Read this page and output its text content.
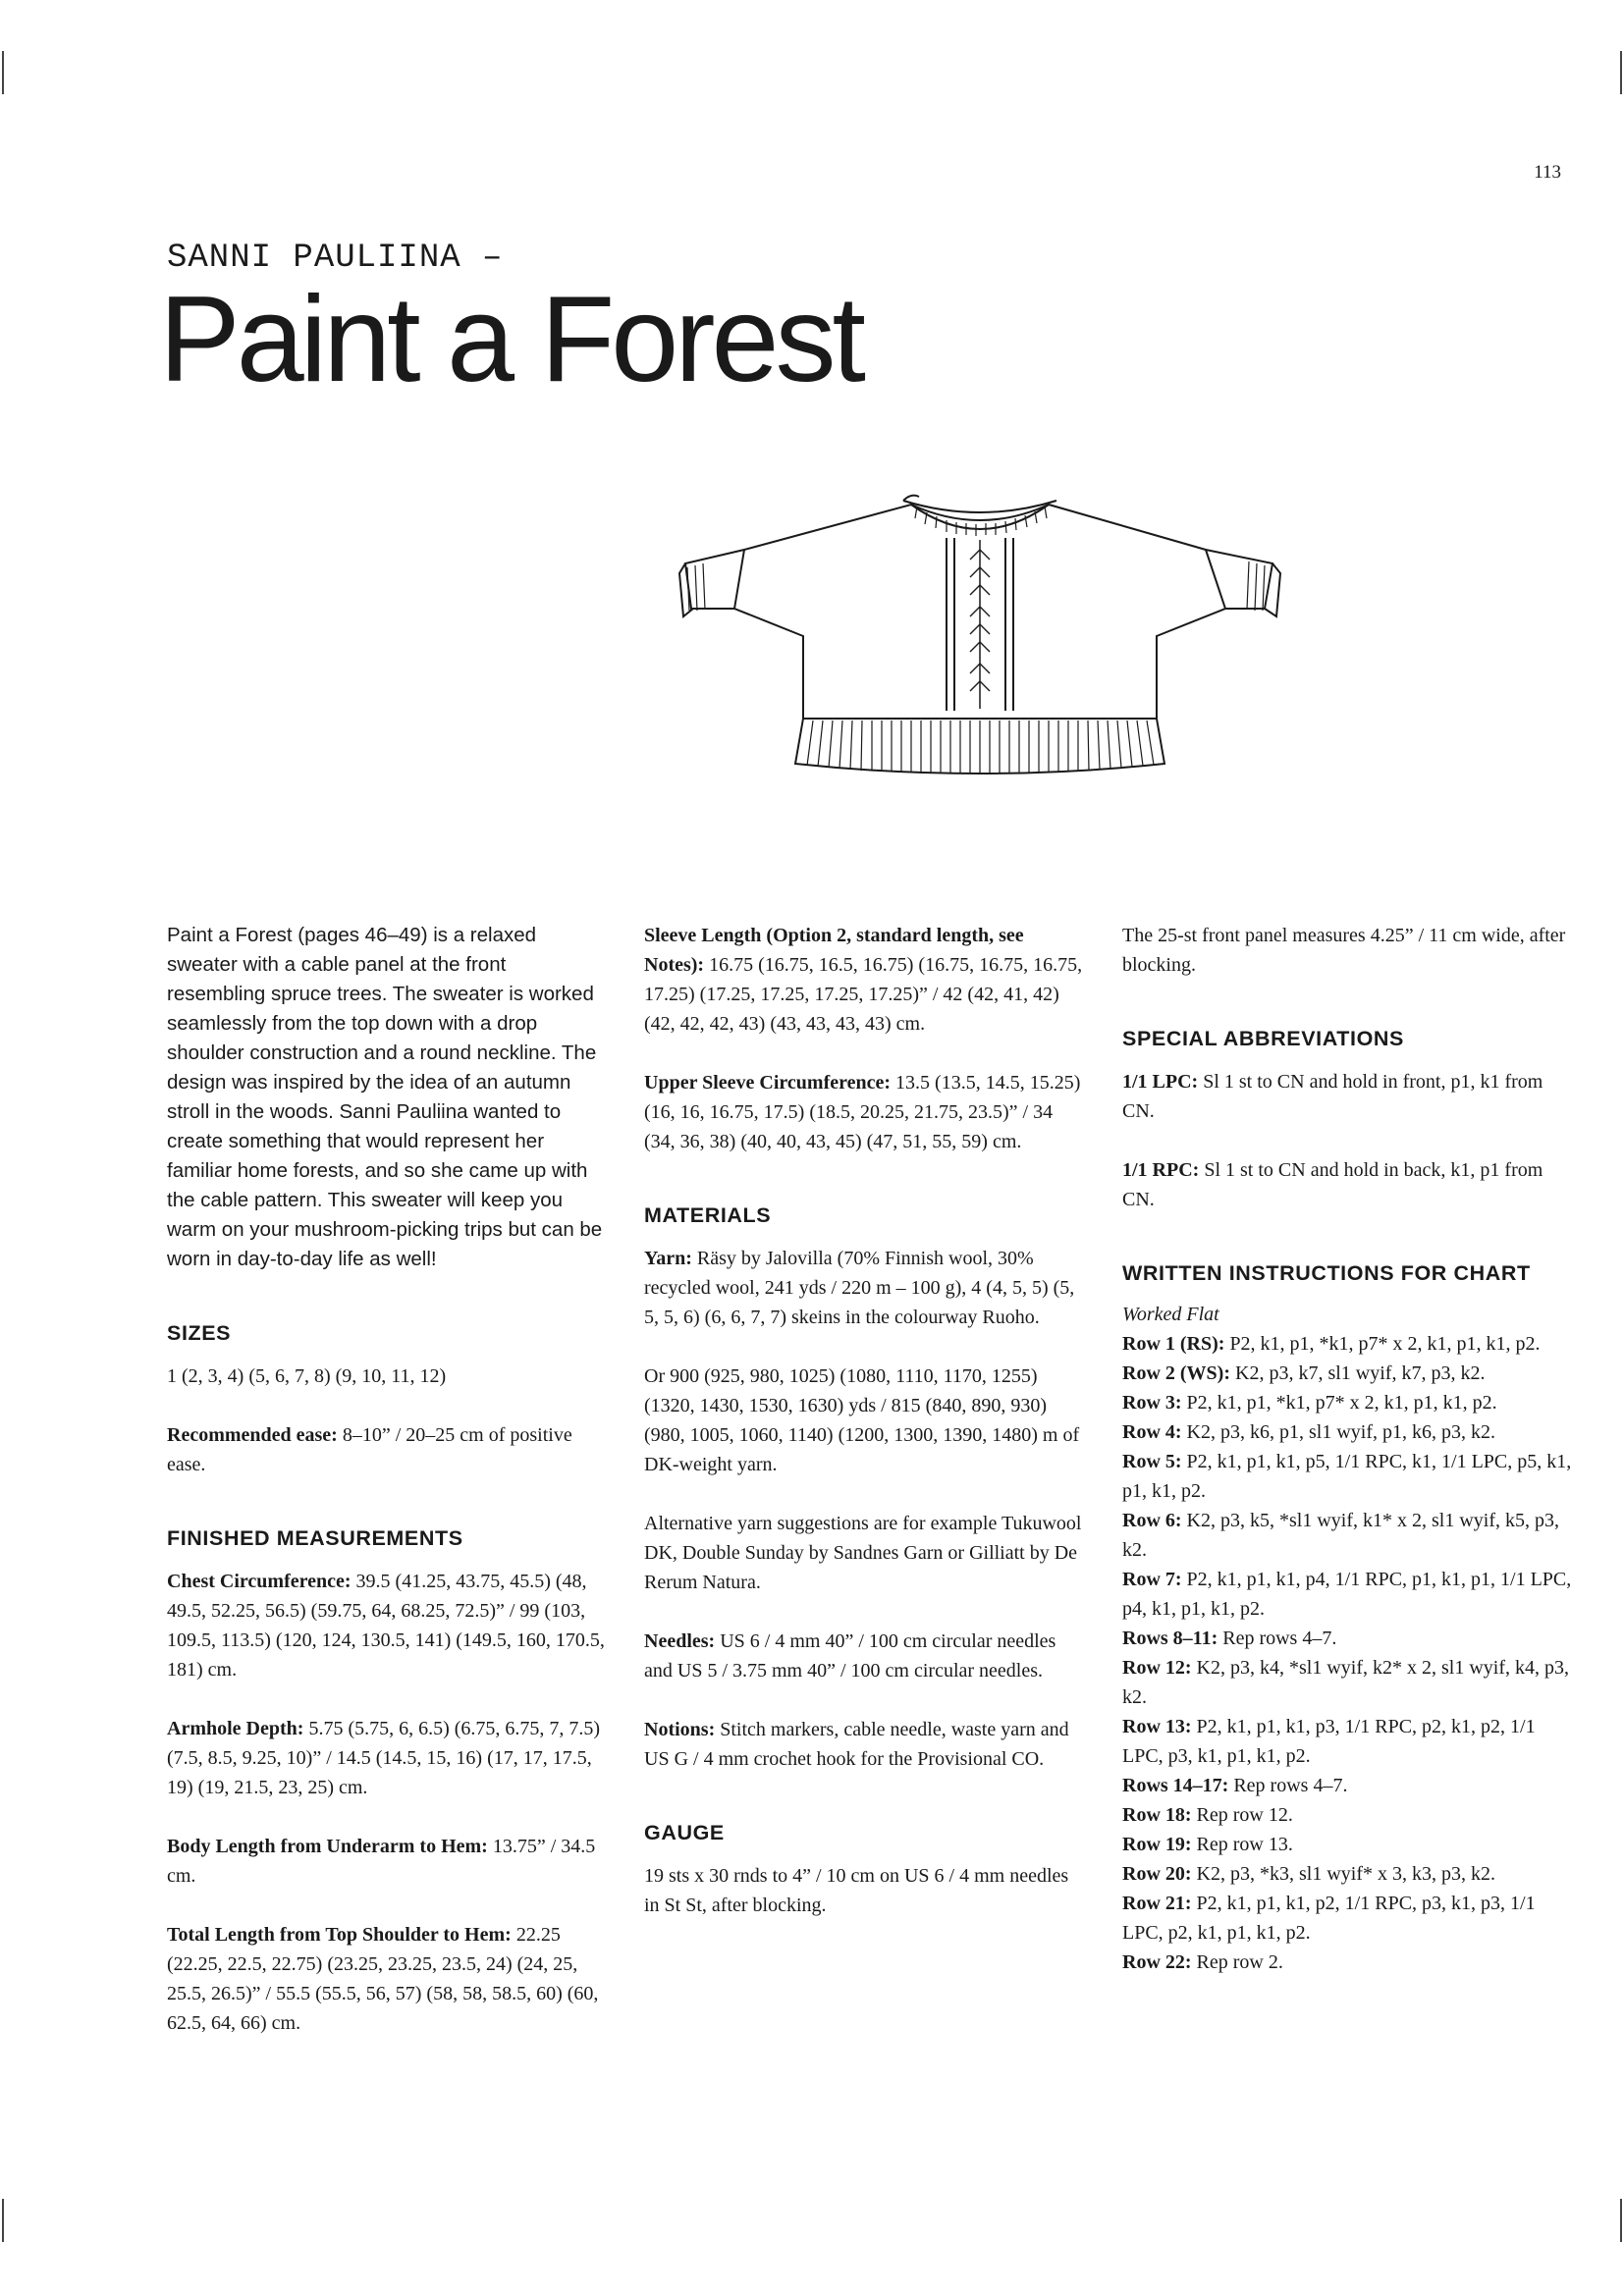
113
SANNI PAULIINA –
Paint a Forest

Paint a Forest (pages 46–49) is a relaxed sweater with a cable panel at the front resembling spruce trees. The sweater is worked seamlessly from the top down with a drop shoulder construction and a round neckline. The design was inspired by the idea of an autumn stroll in the woods. Sanni Pauliina wanted to create something that would represent her familiar home forests, and so she came up with the cable pattern. This sweater will keep you warm on your mushroom-picking trips but can be worn in day-to-day life as well!

SIZES

1 (2, 3, 4) (5, 6, 7, 8) (9, 10, 11, 12)

Recommended ease: 8–10” / 20–25 cm of positive ease.

FINISHED MEASUREMENTS

Chest Circumference: 39.5 (41.25, 43.75, 45.5) (48, 49.5, 52.25, 56.5) (59.75, 64, 68.25, 72.5)” / 99 (103, 109.5, 113.5) (120, 124, 130.5, 141) (149.5, 160, 170.5, 181) cm.

Armhole Depth: 5.75 (5.75, 6, 6.5) (6.75, 6.75, 7, 7.5) (7.5, 8.5, 9.25, 10)” / 14.5 (14.5, 15, 16) (17, 17, 17.5, 19) (19, 21.5, 23, 25) cm.

Body Length from Underarm to Hem: 13.75” / 34.5 cm.

Total Length from Top Shoulder to Hem: 22.25 (22.25, 22.5, 22.75) (23.25, 23.25, 23.5, 24) (24, 25, 25.5, 26.5)” / 55.5 (55.5, 56, 57) (58, 58, 58.5, 60) (60, 62.5, 64, 66) cm.

Sleeve Length (Option 2, standard length, see Notes): 16.75 (16.75, 16.5, 16.75) (16.75, 16.75, 16.75, 17.25) (17.25, 17.25, 17.25, 17.25)” / 42 (42, 41, 42) (42, 42, 42, 43) (43, 43, 43, 43) cm.

Upper Sleeve Circumference: 13.5 (13.5, 14.5, 15.25) (16, 16, 16.75, 17.5) (18.5, 20.25, 21.75, 23.5)” / 34 (34, 36, 38) (40, 40, 43, 45) (47, 51, 55, 59) cm.

MATERIALS

Yarn: Räsy by Jalovilla (70% Finnish wool, 30% recycled wool, 241 yds / 220 m – 100 g), 4 (4, 5, 5) (5, 5, 5, 6) (6, 6, 7, 7) skeins in the colourway Ruoho.

Or 900 (925, 980, 1025) (1080, 1110, 1170, 1255) (1320, 1430, 1530, 1630) yds / 815 (840, 890, 930) (980, 1005, 1060, 1140) (1200, 1300, 1390, 1480) m of DK-weight yarn.

Alternative yarn suggestions are for example Tukuwool DK, Double Sunday by Sandnes Garn or Gilliatt by De Rerum Natura.

Needles: US 6 / 4 mm 40” / 100 cm circular needles and US 5 / 3.75 mm 40” / 100 cm circular needles.

Notions: Stitch markers, cable needle, waste yarn and US G / 4 mm crochet hook for the Provisional CO.

GAUGE

19 sts x 30 rnds to 4” / 10 cm on US 6 / 4 mm needles in St St, after blocking.

The 25-st front panel measures 4.25” / 11 cm wide, after blocking.

SPECIAL ABBREVIATIONS

1/1 LPC: Sl 1 st to CN and hold in front, p1, k1 from CN.

1/1 RPC: Sl 1 st to CN and hold in back, k1, p1 from CN.

WRITTEN INSTRUCTIONS FOR CHART

Worked Flat

Row 1 (RS): P2, k1, p1, *k1, p7* x 2, k1, p1, k1, p2.
Row 2 (WS): K2, p3, k7, sl1 wyif, k7, p3, k2.
Row 3: P2, k1, p1, *k1, p7* x 2, k1, p1, k1, p2.
Row 4: K2, p3, k6, p1, sl1 wyif, p1, k6, p3, k2.
Row 5: P2, k1, p1, k1, p5, 1/1 RPC, k1, 1/1 LPC, p5, k1, p1, k1, p2.
Row 6: K2, p3, k5, *sl1 wyif, k1* x 2, sl1 wyif, k5, p3, k2.
Row 7: P2, k1, p1, k1, p4, 1/1 RPC, p1, k1, p1, 1/1 LPC, p4, k1, p1, k1, p2.
Rows 8–11: Rep rows 4–7.
Row 12: K2, p3, k4, *sl1 wyif, k2* x 2, sl1 wyif, k4, p3, k2.
Row 13: P2, k1, p1, k1, p3, 1/1 RPC, p2, k1, p2, 1/1 LPC, p3, k1, p1, k1, p2.
Rows 14–17: Rep rows 4–7.
Row 18: Rep row 12.
Row 19: Rep row 13.
Row 20: K2, p3, *k3, sl1 wyif* x 3, k3, p3, k2.
Row 21: P2, k1, p1, k1, p2, 1/1 RPC, p3, k1, p3, 1/1 LPC, p2, k1, p1, k1, p2.
Row 22: Rep row 2.
